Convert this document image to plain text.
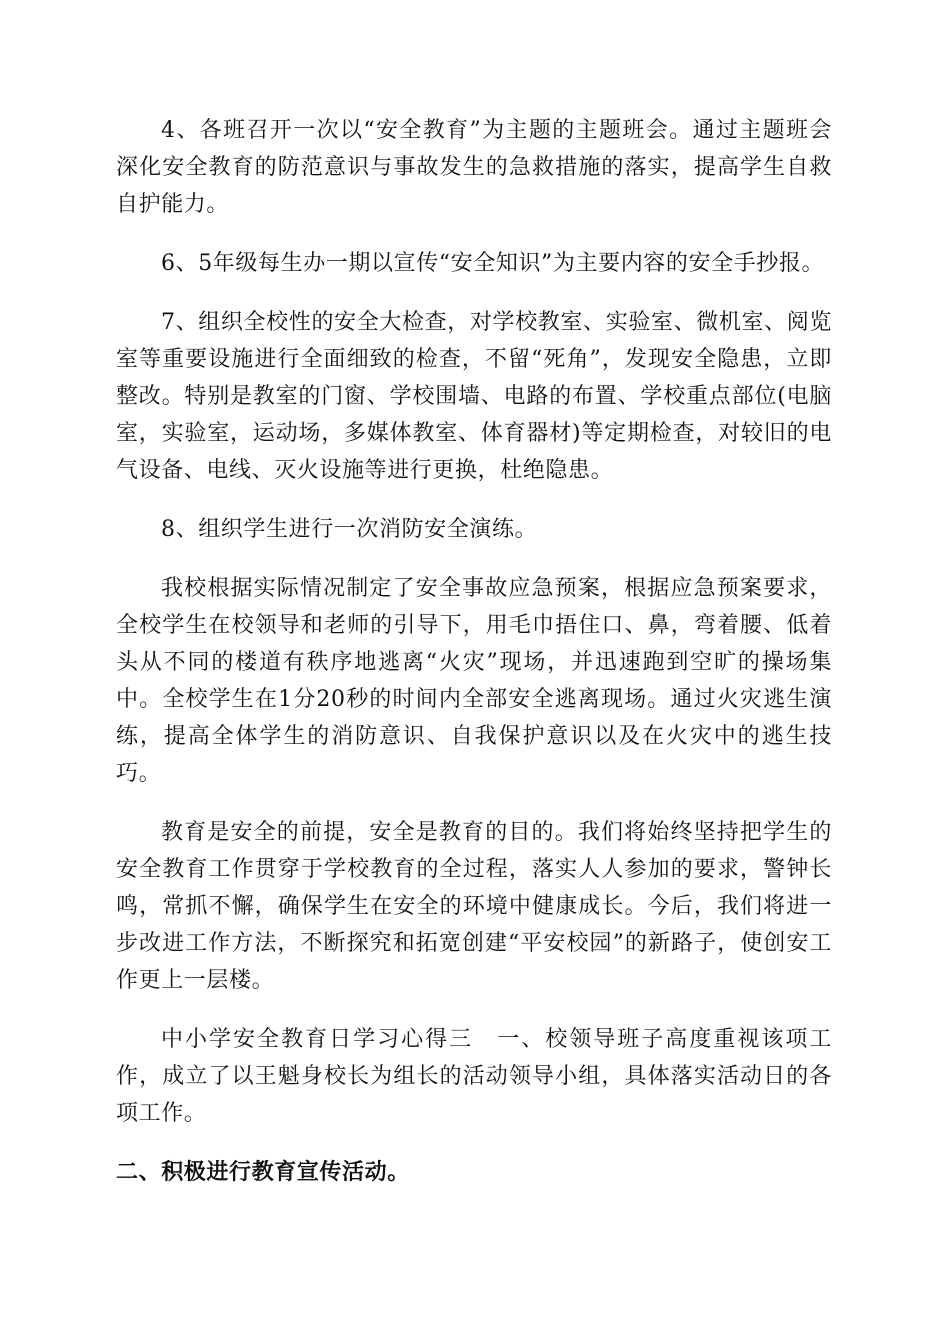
4、各班召开一次以“安全教育”为主题的主题班会。通过主题班会深化安全教育的防范意识与事故发生的急救措施的落实，提高学生自救自护能力。

6、5年级每生办一期以宣传“安全知识”为主要内容的安全手抄报。

7、组织全校性的安全大检查，对学校教室、实验室、微机室、阅览室等重要设施进行全面细致的检查，不留“死角”，发现安全隐患，立即整改。特别是教室的门窗、学校围墙、电路的布置、学校重点部位(电脑室，实验室，运动场，多媒体教室、体育器材)等定期检查，对较旧的电气设备、电线、灭火设施等进行更换，杜绝隐患。

8、组织学生进行一次消防安全演练。

我校根据实际情况制定了安全事故应急预案，根据应急预案要求，全校学生在校领导和老师的引导下，用毛巾捂住口、鼻，弯着腰、低着头从不同的楼道有秩序地逃离“火灾”现场，并迅速跑到空旷的操场集中。全校学生在1分20秒的时间内全部安全逃离现场。通过火灾逃生演练，提高全体学生的消防意识、自我保护意识以及在火灾中的逃生技巧。

教育是安全的前提，安全是教育的目的。我们将始终坚持把学生的安全教育工作贯穿于学校教育的全过程，落实人人参加的要求，警钟长鸣，常抓不懈，确保学生在安全的环境中健康成长。今后，我们将进一步改进工作方法，不断探究和拓宽创建“平安校园”的新路子，使创安工作更上一层楼。

中小学安全教育日学习心得三　一、校领导班子高度重视该项工作，成立了以王魁身校长为组长的活动领导小组，具体落实活动日的各项工作。

二、积极进行教育宣传活动。
